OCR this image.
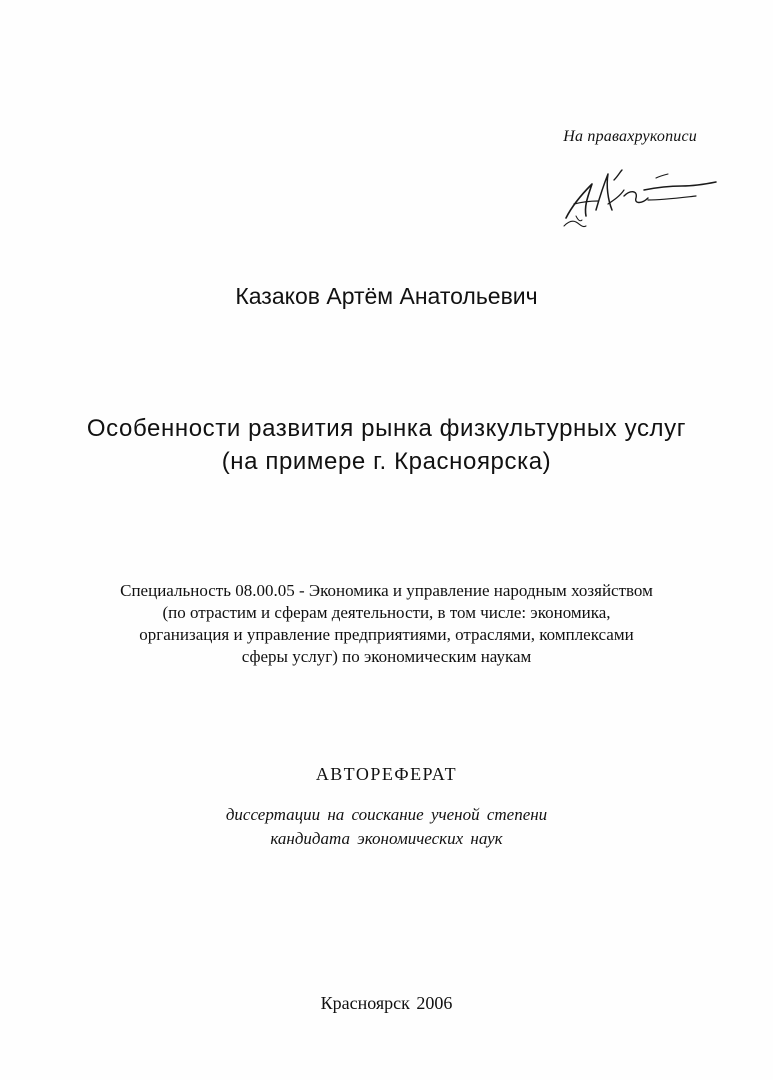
На правахрукописи
Казаков Артём Анатольевич
Особенности развития рынка физкультурных услуг
(на примере г. Красноярска)
Специальность 08.00.05 - Экономика и управление народным хозяйством
(по отрастим и сферам деятельности, в том числе: экономика,
организация и управление предприятиями, отраслями, комплексами
сферы услуг) по экономическим наукам
АВТОРЕФЕРАТ
диссертации на соискание ученой степени
кандидата экономических наук
Красноярск 2006
